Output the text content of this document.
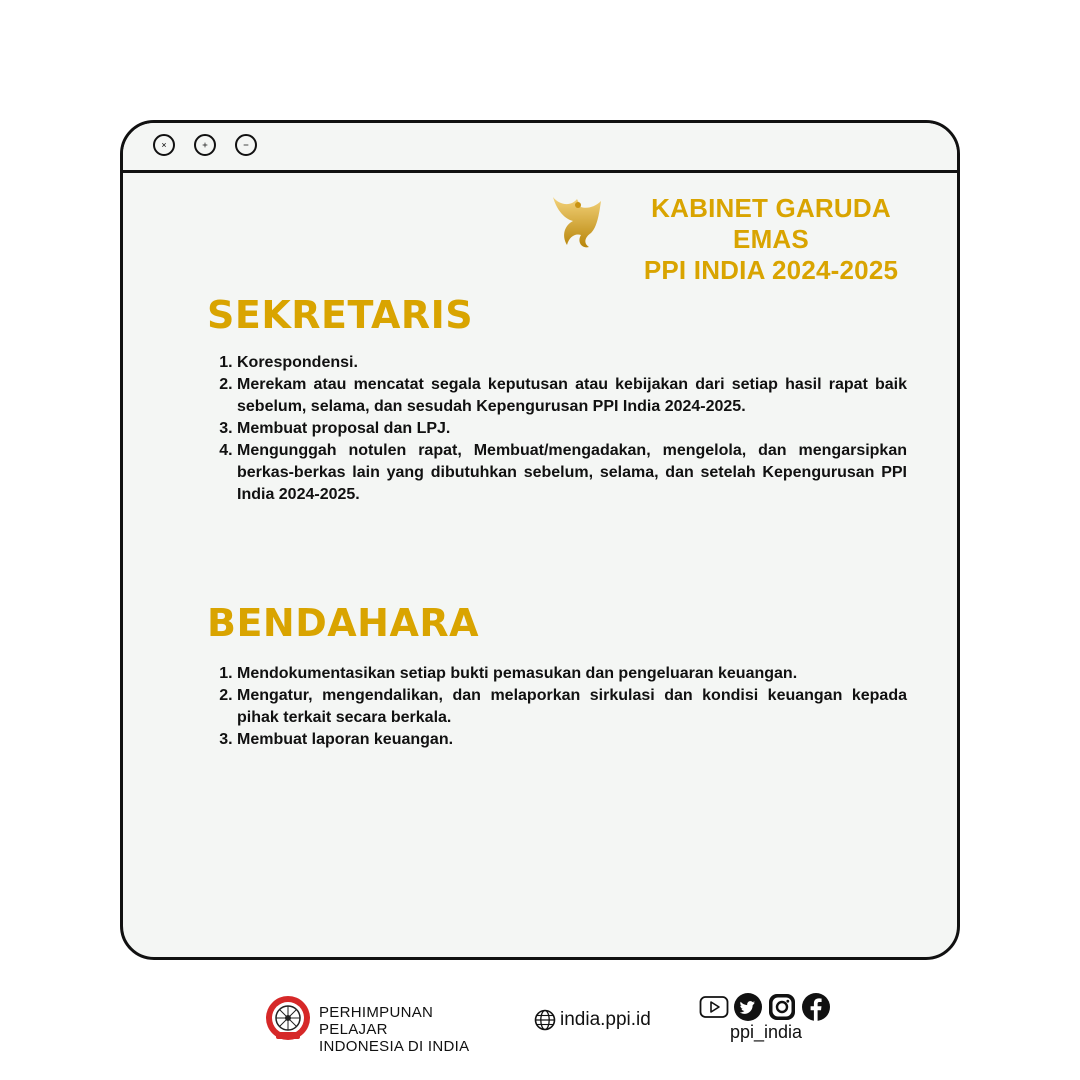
KABINET GARUDA EMAS
PPI INDIA 2024-2025
SEKRETARIS
1. Korespondensi.
2. Merekam atau mencatat segala keputusan atau kebijakan dari setiap hasil rapat baik sebelum, selama, dan sesudah Kepengurusan PPI India 2024-2025.
3. Membuat proposal dan LPJ.
4. Mengunggah notulen rapat, Membuat/mengadakan, mengelola, dan mengarsipkan berkas-berkas lain yang dibutuhkan sebelum, selama, dan setelah Kepengurusan PPI India 2024-2025.
BENDAHARA
1. Mendokumentasikan setiap bukti pemasukan dan pengeluaran keuangan.
2. Mengatur, mengendalikan, dan melaporkan sirkulasi dan kondisi keuangan kepada pihak terkait secara berkala.
3. Membuat laporan keuangan.
PERHIMPUNAN PELAJAR
INDONESIA DI INDIA
india.ppi.id
ppi_india
